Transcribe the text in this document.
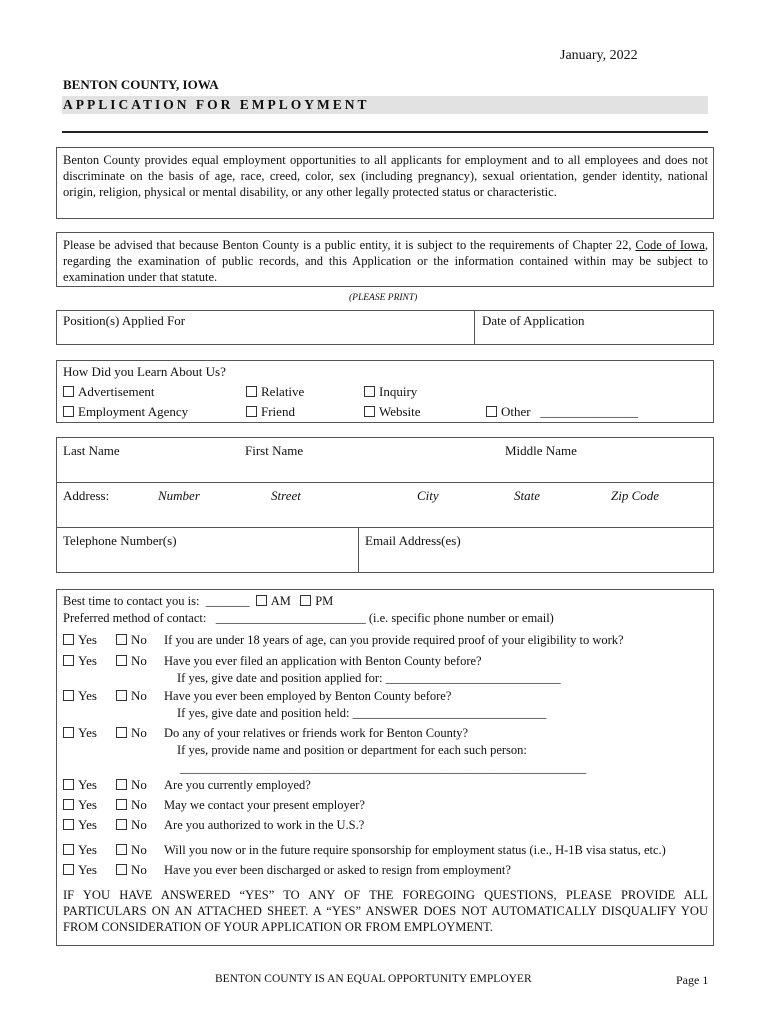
January, 2022
BENTON COUNTY, IOWA
APPLICATION FOR EMPLOYMENT
Benton County provides equal employment opportunities to all applicants for employment and to all employees and does not discriminate on the basis of age, race, creed, color, sex (including pregnancy), sexual orientation, gender identity, national origin, religion, physical or mental disability, or any other legally protected status or characteristic.
Please be advised that because Benton County is a public entity, it is subject to the requirements of Chapter 22, Code of Iowa, regarding the examination of public records, and this Application or the information contained within may be subject to examination under that statute.
(PLEASE PRINT)
Position(s) Applied For	Date of Application
How Did you Learn About Us?
Advertisement	Relative	Inquiry
Employment Agency	Friend	Website	Other _______________
Last Name	First Name	Middle Name
Address:	Number	Street	City	State	Zip Code
Telephone Number(s)	Email Address(es)
Best time to contact you is: _______ AM PM
Preferred method of contact: ________________________ (i.e. specific phone number or email)
Yes	No If you are under 18 years of age, can you provide required proof of your eligibility to work?
Yes	No Have you ever filed an application with Benton County before?
If yes, give date and position applied for: ____________________________
Yes	No Have you ever been employed by Benton County before?
If yes, give date and position held: _______________________________
Yes	No Do any of your relatives or friends work for Benton County?
If yes, provide name and position or department for each such person:
Yes	No Are you currently employed?
Yes	No May we contact your present employer?
Yes	No Are you authorized to work in the U.S.?
Yes	No Will you now or in the future require sponsorship for employment status (i.e., H-1B visa status, etc.)
Yes	No Have you ever been discharged or asked to resign from employment?
_________________________________________________________________
IF YOU HAVE ANSWERED “YES” TO ANY OF THE FOREGOING QUESTIONS, PLEASE PROVIDE ALL PARTICULARS ON AN ATTACHED SHEET. A “YES” ANSWER DOES NOT AUTOMATICALLY DISQUALIFY YOU FROM CONSIDERATION OF YOUR APPLICATION OR FROM EMPLOYMENT.
BENTON COUNTY IS AN EQUAL OPPORTUNITY EMPLOYER	Page 1
